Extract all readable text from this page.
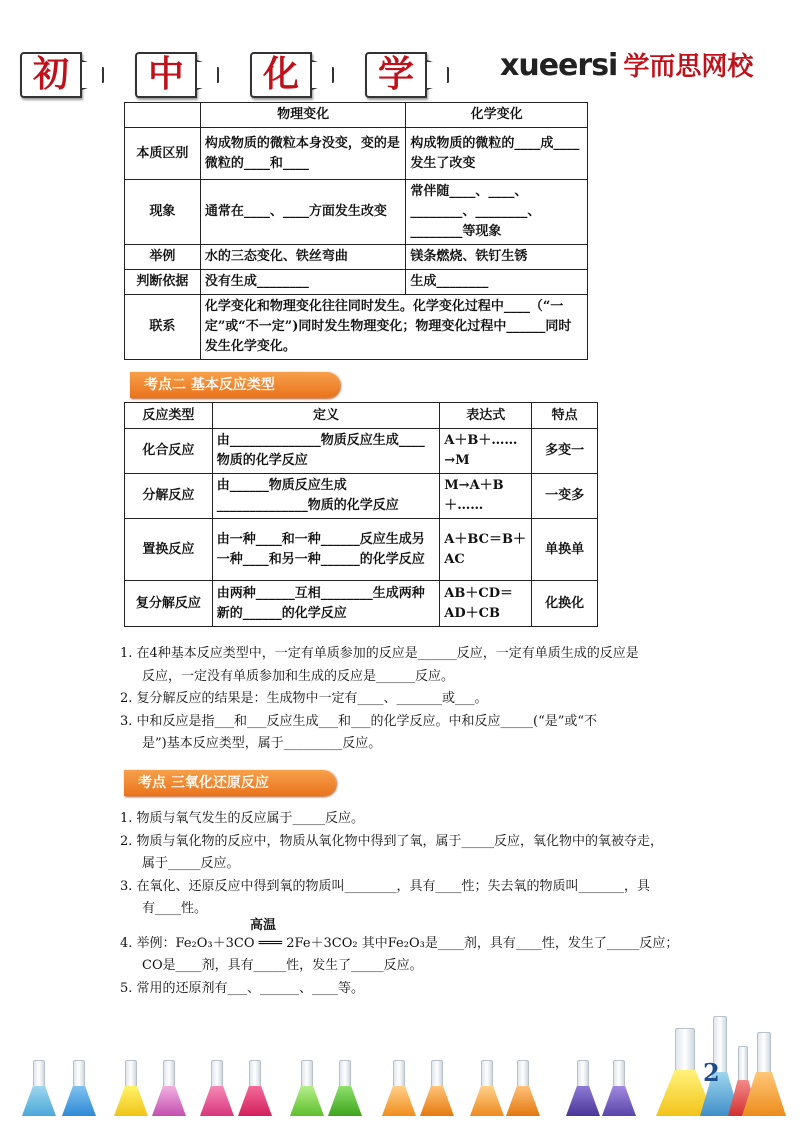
初	中	化	学	xueersi 学而思网校
	物理变化	化学变化
本质区别	构成物质的微粒本身没变，变的是微粒的____和____	构成物质的微粒的____成____发生了改变
现象	通常在____、____方面发生改变	常伴随____、____、________、________、________等现象
举例	水的三态变化、铁丝弯曲	镁条燃烧、铁钉生锈
判断依据	没有生成________	生成________
联系	化学变化和物理变化往往同时发生。化学变化过程中____（“一定”或“不一定”)同时发生物理变化；物理变化过程中______同时发生化学变化。	
考点二 基本反应类型
反应类型	定义	表达式	特点
化合反应	由______________物质反应生成____物质的化学反应	A＋B＋……→M	多变一
分解反应	由______物质反应生成______________物质的化学反应	M→A＋B＋……	一变多
置换反应	由一种____和一种______反应生成另一种____和另一种______的化学反应	A＋BC＝B＋AC	单换单
复分解反应	由两种______互相________生成两种新的______的化学反应	AB＋CD＝AD＋CB	化换化

1. 在4种基本反应类型中，一定有单质参加的反应是______反应，一定有单质生成的反应是

反应，一定没有单质参加和生成的反应是______反应。

2. 复分解反应的结果是：生成物中一定有____、_______或___。

3. 中和反应是指___和___反应生成___和___的化学反应。中和反应_____(“是”或“不

是”)基本反应类型，属于_________反应。

考点 三氧化还原反应

1. 物质与氧气发生的反应属于_____反应。

2. 物质与氧化物的反应中，物质从氧化物中得到了氧，属于_____反应，氧化物中的氧被夺走，

属于_____反应。

3. 在氧化、还原反应中得到氧的物质叫________，具有____性；失去氧的物质叫_______，具

有____性。

高温
4. 举例：Fe₂O₃＋3CO ═══ 2Fe＋3CO₂ 其中Fe₂O₃是____剂，具有____性，发生了_____反应；

CO是____剂，具有_____性，发生了_____反应。

5. 常用的还原剂有___、______、____等。

2
